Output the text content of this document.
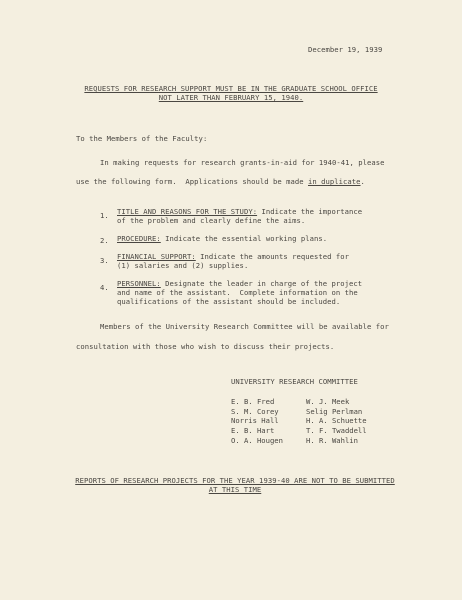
December 19, 1939
REQUESTS FOR RESEARCH SUPPORT MUST BE IN THE GRADUATE SCHOOL OFFICE
NOT LATER THAN FEBRUARY 15, 1940.
To the Members of the Faculty:
In making requests for research grants-in-aid for 1940-41, please
use the following form.  Applications should be made in duplicate.
1. TITLE AND REASONS FOR THE STUDY: Indicate the importance
of the problem and clearly define the aims.
2. PROCEDURE: Indicate the essential working plans.
3. FINANCIAL SUPPORT: Indicate the amounts requested for
(1) salaries and (2) supplies.
4. PERSONNEL: Designate the leader in charge of the project
and name of the assistant.  Complete information on the
qualifications of the assistant should be included.
Members of the University Research Committee will be available for
consultation with those who wish to discuss their projects.
UNIVERSITY RESEARCH COMMITTEE
E. B. Fred
S. M. Corey
Norris Hall
E. B. Hart
O. A. Hougen
W. J. Meek
Selig Perlman
H. A. Schuette
T. F. Twaddell
H. R. Wahlin
REPORTS OF RESEARCH PROJECTS FOR THE YEAR 1939-40 ARE NOT TO BE SUBMITTED
AT THIS TIME
